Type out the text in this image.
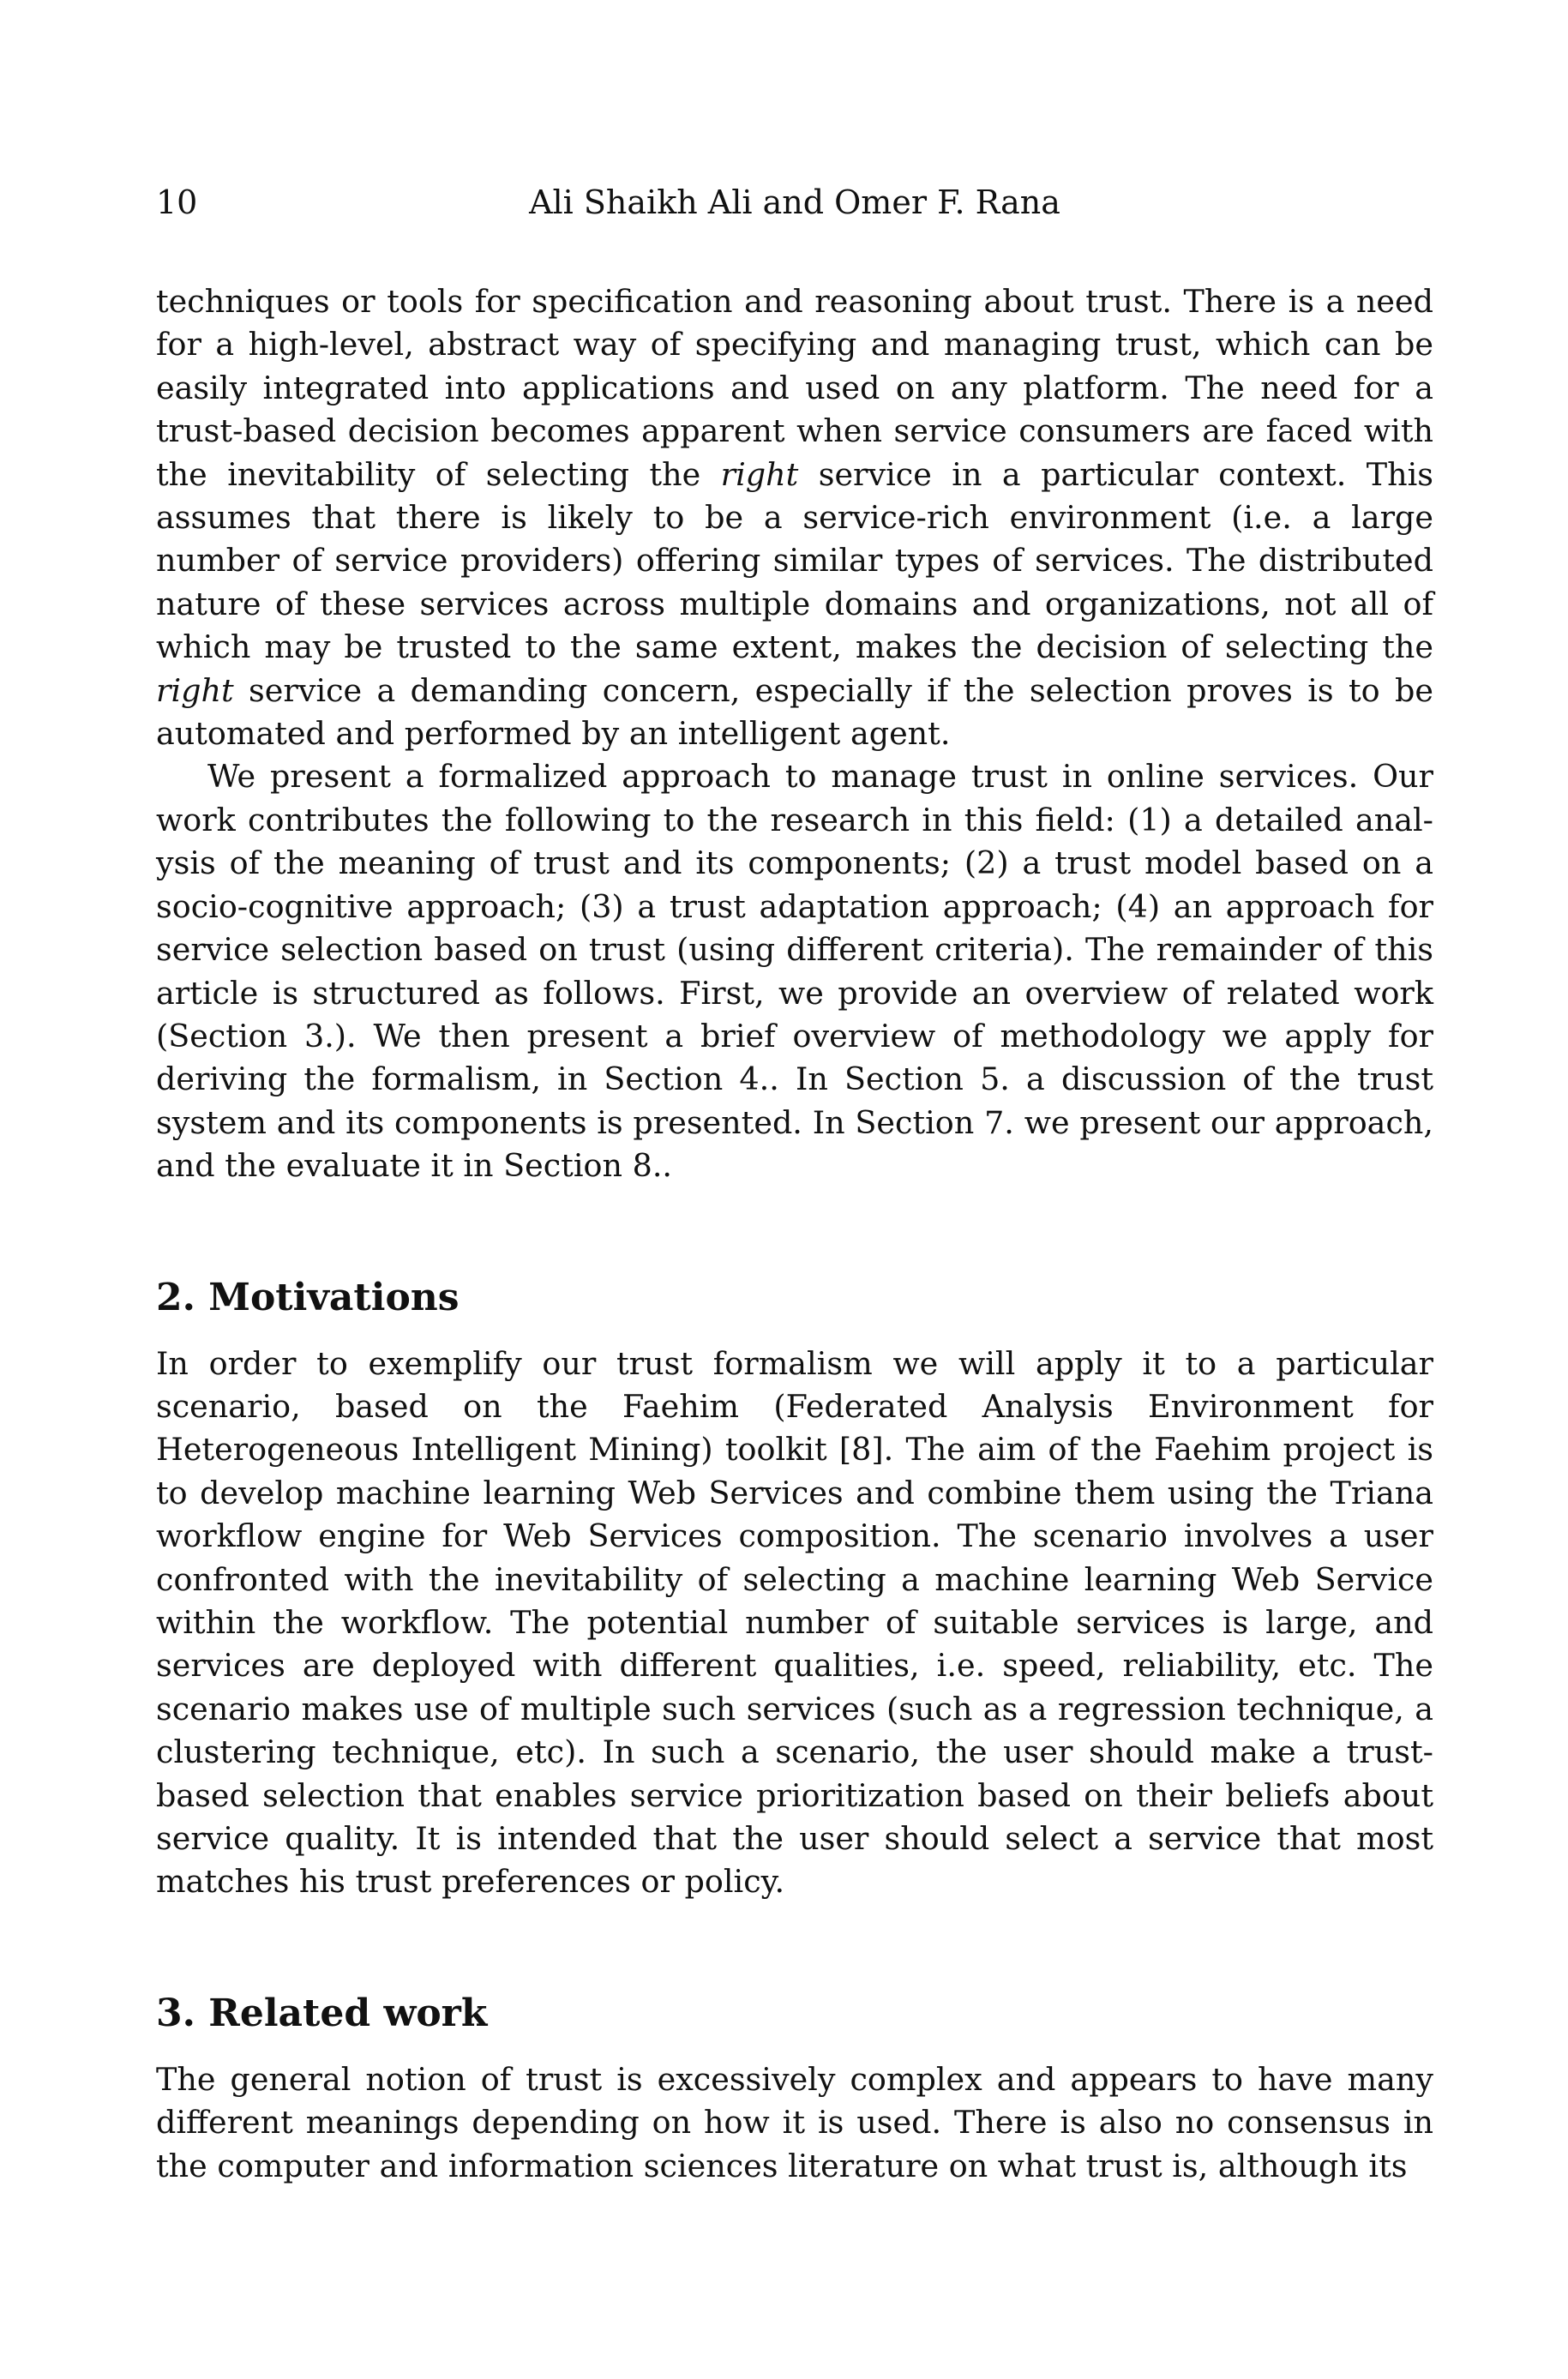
10	Ali Shaikh Ali and Omer F. Rana

techniques or tools for specification and reasoning about trust. There is a need for a high-level, abstract way of specifying and managing trust, which can be easily integrated into applications and used on any platform. The need for a trust-based decision becomes apparent when service consumers are faced with the inevitability of selecting the right service in a particular context. This assumes that there is likely to be a service-rich environment (i.e. a large number of service providers) offering similar types of services. The distributed nature of these services across multiple domains and organizations, not all of which may be trusted to the same extent, makes the decision of selecting the right service a demanding concern, especially if the selection proves is to be automated and performed by an intelligent agent.

We present a formalized approach to manage trust in online services. Our work contributes the following to the research in this field: (1) a detailed analysis of the meaning of trust and its components; (2) a trust model based on a socio-cognitive approach; (3) a trust adaptation approach; (4) an approach for service selection based on trust (using different criteria). The remainder of this article is structured as follows. First, we provide an overview of related work (Section 3.). We then present a brief overview of methodology we apply for deriving the formalism, in Section 4.. In Section 5. a discussion of the trust system and its components is presented. In Section 7. we present our approach, and the evaluate it in Section 8..

2. Motivations

In order to exemplify our trust formalism we will apply it to a particular scenario, based on the Faehim (Federated Analysis Environment for Heterogeneous Intelligent Mining) toolkit [8]. The aim of the Faehim project is to develop machine learning Web Services and combine them using the Triana workflow engine for Web Services composition. The scenario involves a user confronted with the inevitability of selecting a machine learning Web Service within the workflow. The potential number of suitable services is large, and services are deployed with different qualities, i.e. speed, reliability, etc. The scenario makes use of multiple such services (such as a regression technique, a clustering technique, etc). In such a scenario, the user should make a trust-based selection that enables service prioritization based on their beliefs about service quality. It is intended that the user should select a service that most matches his trust preferences or policy.

3. Related work

The general notion of trust is excessively complex and appears to have many different meanings depending on how it is used. There is also no consensus in the computer and information sciences literature on what trust is, although its
